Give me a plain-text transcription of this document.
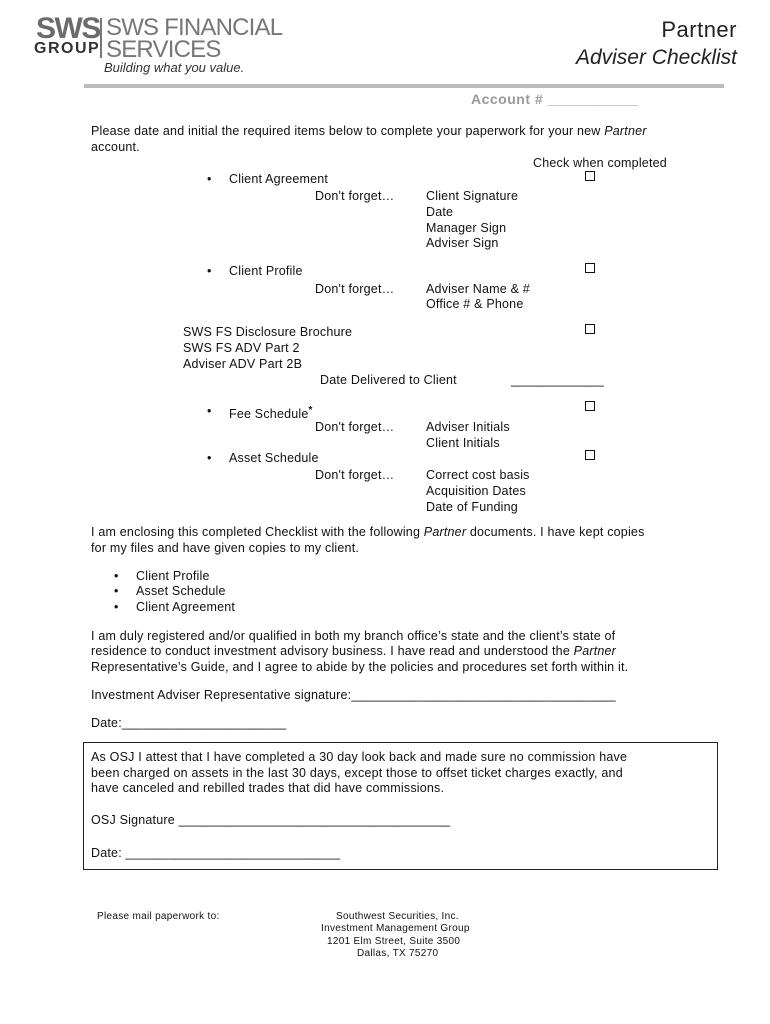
SWS
GROUP
SWS FINANCIAL
SERVICES
Building what you value.
Partner
Adviser Checklist
Account # ___________
Please date and initial the required items below to complete your paperwork for your new Partner
account.
Check when completed
• Client Agreement
Don't forget…	Client Signature
Date
Manager Sign
Adviser Sign
• Client Profile
Don't forget…	Adviser Name & #
Office # & Phone
SWS FS Disclosure Brochure
SWS FS ADV Part 2
Adviser ADV Part 2B
Date Delivered to Client	_____________
• Fee Schedule*
Don't forget…	Adviser Initials
Client Initials
• Asset Schedule
Don't forget…	Correct cost basis
Acquisition Dates
Date of Funding
I am enclosing this completed Checklist with the following Partner documents. I have kept copies
for my files and have given copies to my client.
• Client Profile
• Asset Schedule
• Client Agreement
I am duly registered and/or qualified in both my branch office’s state and the client’s state of
residence to conduct investment advisory business. I have read and understood the Partner
Representative’s Guide, and I agree to abide by the policies and procedures set forth within it.
Investment Adviser Representative signature:_____________________________________
Date:_______________________
As OSJ I attest that I have completed a 30 day look back and made sure no commission have
been charged on assets in the last 30 days, except those to offset ticket charges exactly, and
have canceled and rebilled trades that did have commissions.
OSJ Signature ______________________________________
Date: ______________________________
Please mail paperwork to:	Southwest Securities, Inc.
Investment Management Group
1201 Elm Street, Suite 3500
Dallas, TX 75270
